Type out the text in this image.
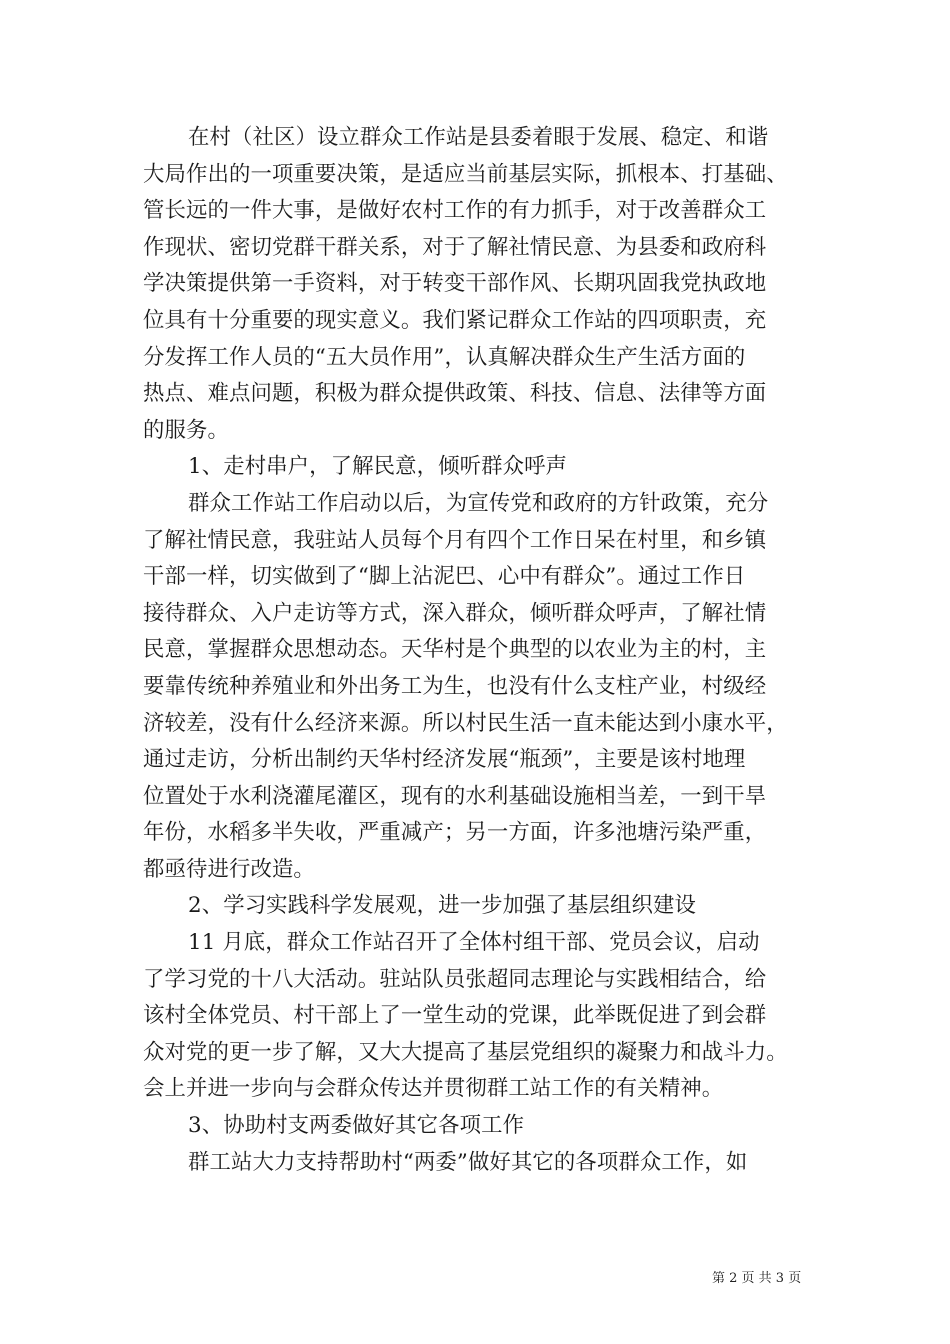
在村（社区）设立群众工作站是县委着眼于发展、稳定、和谐
大局作出的一项重要决策，是适应当前基层实际，抓根本、打基础、
管长远的一件大事，是做好农村工作的有力抓手，对于改善群众工
作现状、密切党群干群关系，对于了解社情民意、为县委和政府科
学决策提供第一手资料，对于转变干部作风、长期巩固我党执政地
位具有十分重要的现实意义。我们紧记群众工作站的四项职责，充
分发挥工作人员的“五大员作用”，认真解决群众生产生活方面的
热点、难点问题，积极为群众提供政策、科技、信息、法律等方面
的服务。
1、走村串户，了解民意，倾听群众呼声
群众工作站工作启动以后，为宣传党和政府的方针政策，充分
了解社情民意，我驻站人员每个月有四个工作日呆在村里，和乡镇
干部一样，切实做到了“脚上沾泥巴、心中有群众”。通过工作日
接待群众、入户走访等方式，深入群众，倾听群众呼声，了解社情
民意，掌握群众思想动态。天华村是个典型的以农业为主的村，主
要靠传统种养殖业和外出务工为生，也没有什么支柱产业，村级经
济较差，没有什么经济来源。所以村民生活一直未能达到小康水平，
通过走访，分析出制约天华村经济发展“瓶颈”，主要是该村地理
位置处于水利浇灌尾灌区，现有的水利基础设施相当差，一到干旱
年份，水稻多半失收，严重减产；另一方面，许多池塘污染严重，
都亟待进行改造。
2、学习实践科学发展观，进一步加强了基层组织建设
11 月底，群众工作站召开了全体村组干部、党员会议，启动
了学习党的十八大活动。驻站队员张超同志理论与实践相结合，给
该村全体党员、村干部上了一堂生动的党课，此举既促进了到会群
众对党的更一步了解，又大大提高了基层党组织的凝聚力和战斗力。
会上并进一步向与会群众传达并贯彻群工站工作的有关精神。
3、协助村支两委做好其它各项工作
群工站大力支持帮助村“两委”做好其它的各项群众工作，如
第 2 页 共 3 页
